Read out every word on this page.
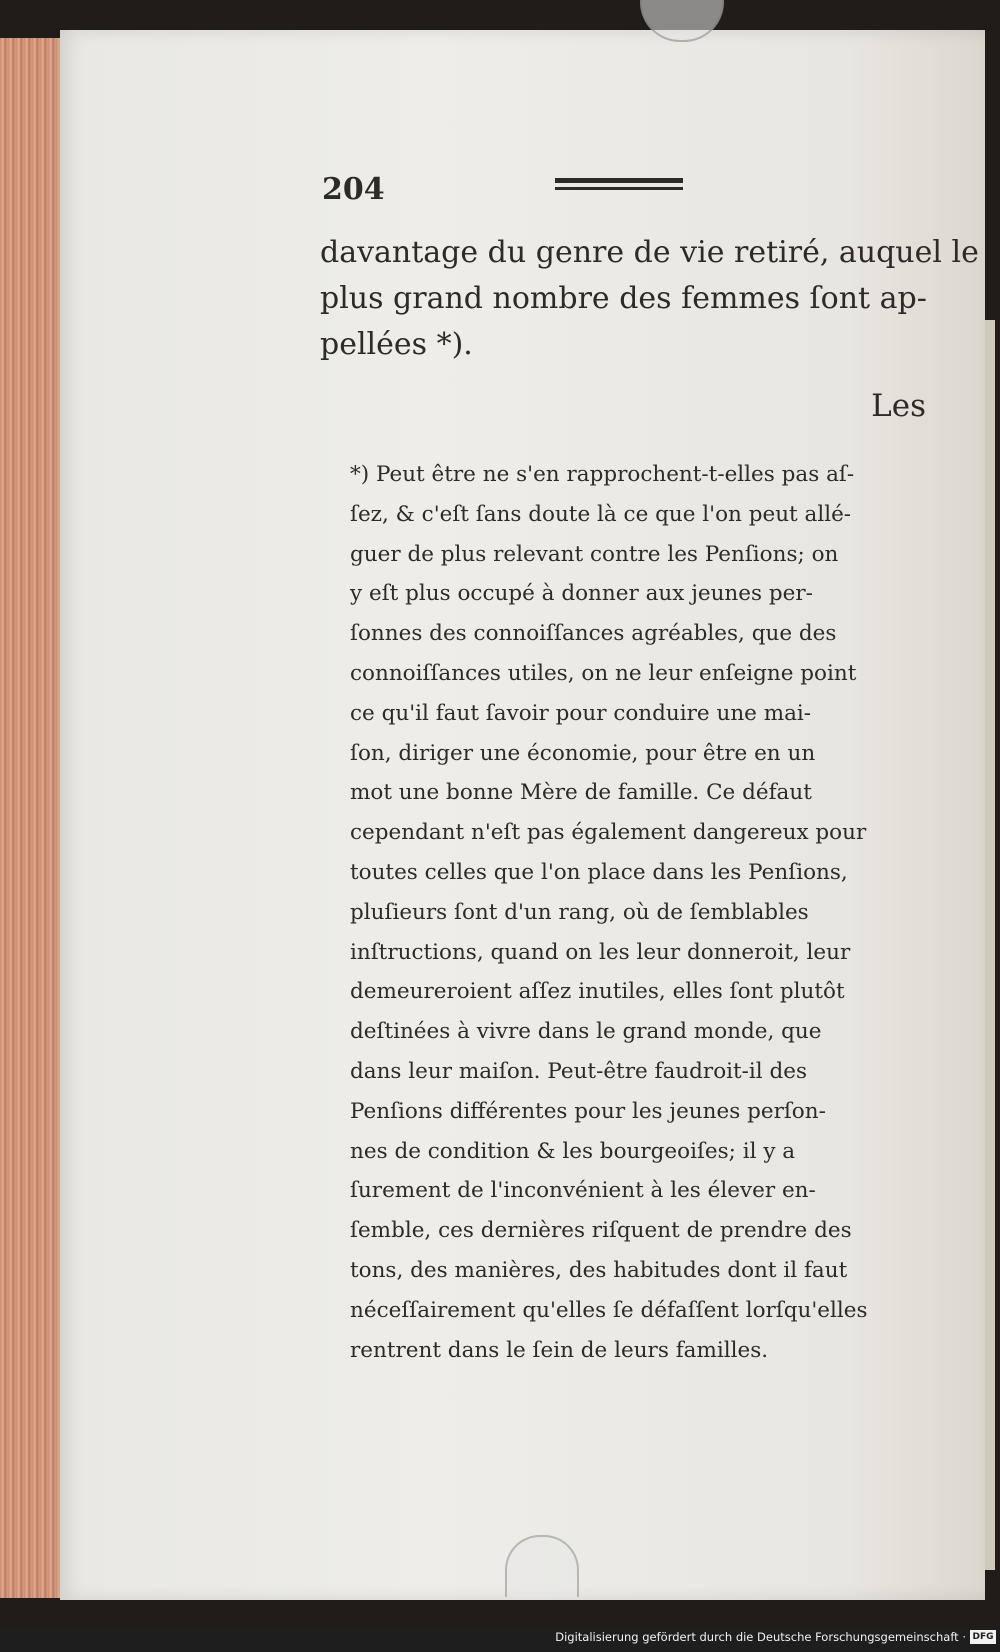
204
davantage du genre de vie retiré, auquel le
plus grand nombre des femmes ſont ap-
pellées *).
Les
*) Peut être ne s'en rapprochent-t-elles pas aſ-
ſez, & c'eſt ſans doute là ce que l'on peut allé-
guer de plus relevant contre les Penſions; on
y eſt plus occupé à donner aux jeunes per-
ſonnes des connoiſſances agréables, que des
connoiſſances utiles, on ne leur enſeigne point
ce qu'il faut ſavoir pour conduire une mai-
ſon, diriger une économie, pour être en un
mot une bonne Mère de famille. Ce défaut
cependant n'eſt pas également dangereux pour
toutes celles que l'on place dans les Penſions,
pluſieurs ſont d'un rang, où de ſemblables
inſtructions, quand on les leur donneroit, leur
demeureroient aſſez inutiles, elles ſont plutôt
deſtinées à vivre dans le grand monde, que
dans leur maiſon. Peut-être faudroit-il des
Penſions différentes pour les jeunes perſon-
nes de condition & les bourgeoiſes; il y a
ſurement de l'inconvénient à les élever en-
ſemble, ces dernières riſquent de prendre des
tons, des manières, des habitudes dont il faut
néceſſairement qu'elles ſe défaſſent lorſqu'elles
rentrent dans le ſein de leurs familles.
Digitalisierung gefördert durch die Deutsche Forschungsgemeinschaft · DFG
